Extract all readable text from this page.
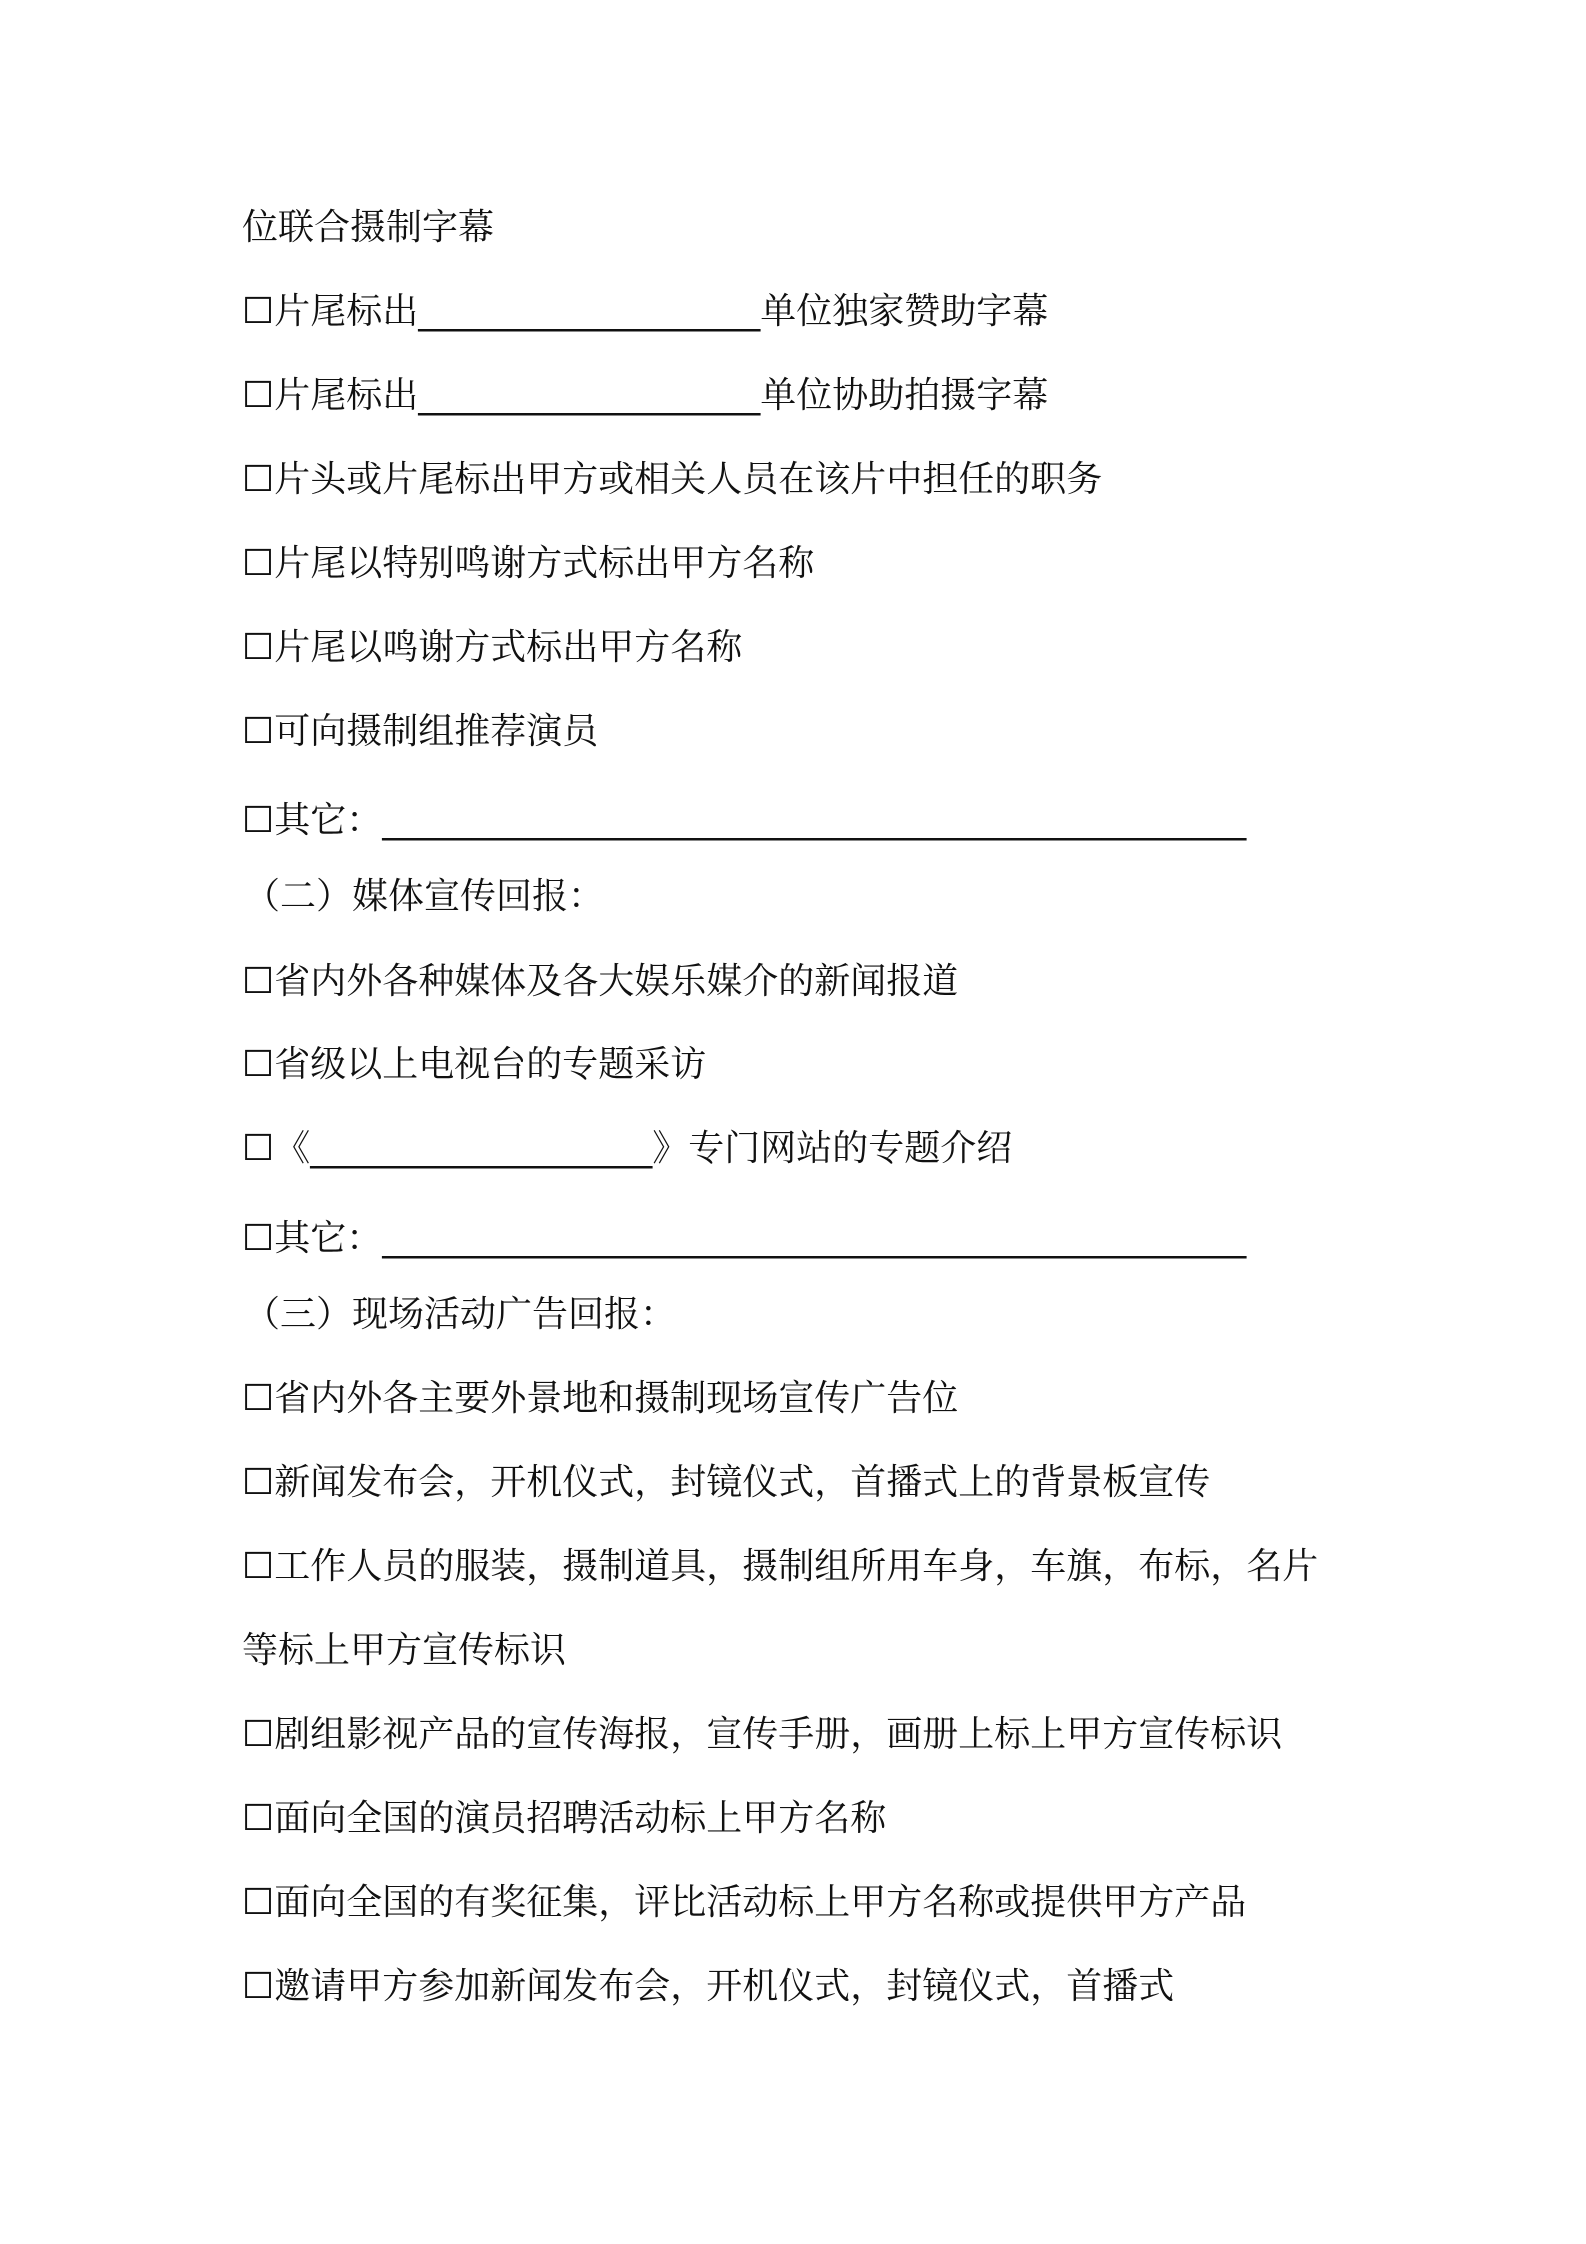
位联合摄制字幕
☐片尾标出___________________单位独家赞助字幕
☐片尾标出___________________单位协助拍摄字幕
☐片头或片尾标出甲方或相关人员在该片中担任的职务
☐片尾以特别鸣谢方式标出甲方名称
☐片尾以鸣谢方式标出甲方名称
☐可向摄制组推荐演员
☐其它：________________________________________________
（二）媒体宣传回报：
☐省内外各种媒体及各大娱乐媒介的新闻报道
☐省级以上电视台的专题采访
☐《___________________》专门网站的专题介绍
☐其它：________________________________________________
（三）现场活动广告回报：
☐省内外各主要外景地和摄制现场宣传广告位
☐新闻发布会，开机仪式，封镜仪式，首播式上的背景板宣传
☐工作人员的服装，摄制道具，摄制组所用车身，车旗，布标，名片
等标上甲方宣传标识
☐剧组影视产品的宣传海报，宣传手册，画册上标上甲方宣传标识
☐面向全国的演员招聘活动标上甲方名称
☐面向全国的有奖征集，评比活动标上甲方名称或提供甲方产品
☐邀请甲方参加新闻发布会，开机仪式，封镜仪式，首播式
